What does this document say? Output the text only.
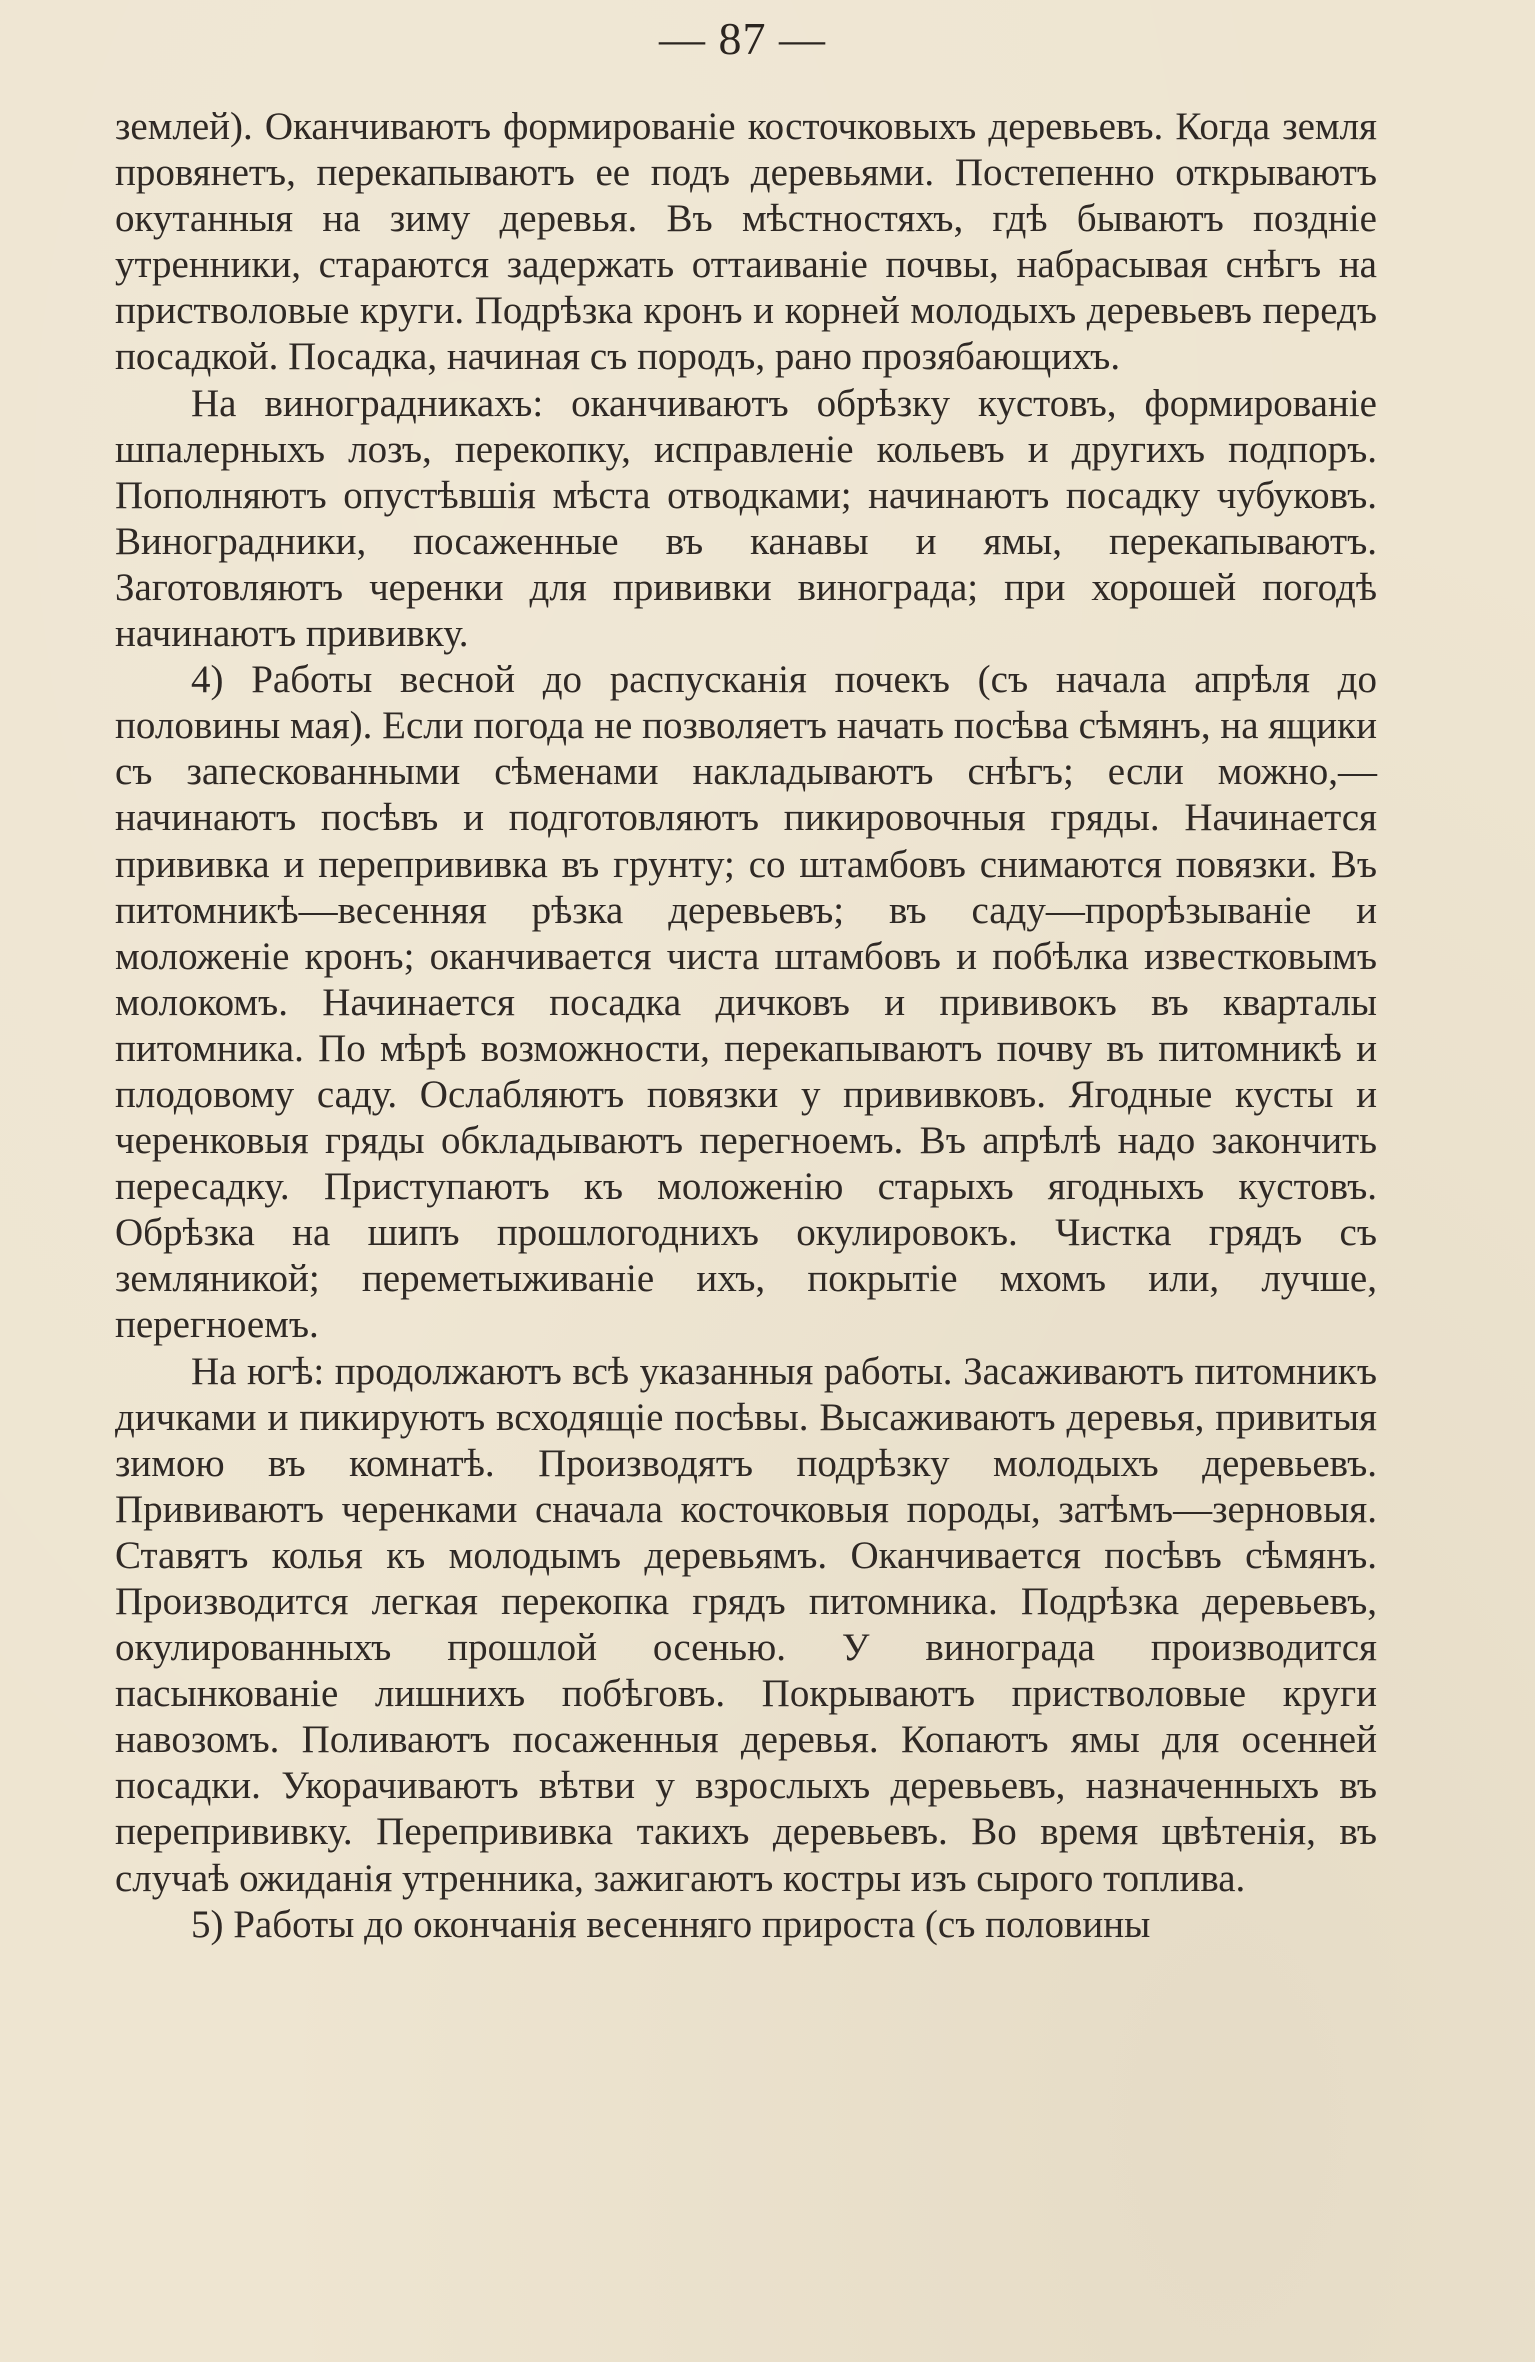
— 87 —

землей). Оканчиваютъ формированіе косточковыхъ деревьевъ. Когда земля провянетъ, перекапываютъ ее подъ деревьями. Постепенно открываютъ окутанныя на зиму деревья. Въ мѣстностяхъ, гдѣ бываютъ поздніе утренники, стараются задержать оттаиваніе почвы, набрасывая снѣгъ на приствoловые круги. Подрѣзка кронъ и корней молодыхъ деревьевъ передъ посадкой. Посадка, начиная съ породъ, рано прозябающихъ.

На виноградникахъ: оканчиваютъ обрѣзку кустовъ, формированіе шпалерныхъ лозъ, перекопку, исправленіе кольевъ и другихъ подпоръ. Пополняютъ опустѣвшія мѣста отводками; начинаютъ посадку чубуковъ. Виноградники, посаженные въ канавы и ямы, перекапываютъ. Заготовляютъ черенки для прививки винограда; при хорошей погодѣ начинаютъ прививку.

4) Работы весной до распусканія почекъ (съ начала апрѣля до половины мая). Если погода не позволяетъ начать посѣва сѣмянъ, на ящики съ запескованными сѣменами накладываютъ снѣгъ; если можно,—начинаютъ посѣвъ и подготовляютъ пикировочныя гряды. Начинается прививка и перепрививка въ грунту; со штамбовъ снимаются повязки. Въ питомникѣ—весенняя рѣзка деревьевъ; въ саду—прорѣзываніе и моложеніе кронъ; оканчивается чиста штамбовъ и побѣлка известковымъ молокомъ. Начинается посадка дичковъ и прививокъ въ кварталы питомника. По мѣрѣ возможности, перекапываютъ почву въ питомникѣ и плодовому саду. Ослабляютъ повязки у прививковъ. Ягодные кусты и черенковыя гряды обкладываютъ перегноемъ. Въ апрѣлѣ надо закончить пересадку. Приступаютъ къ моложенію старыхъ ягодныхъ кустовъ. Обрѣзка на шипъ прошлогоднихъ окулировокъ. Чистка грядъ съ земляникой; переметыживаніе ихъ, покрытіе мхомъ или, лучше, перегноемъ.

На югѣ: продолжаютъ всѣ указанныя работы. Засаживаютъ питомникъ дичками и пикируютъ всходящіе посѣвы. Высаживаютъ деревья, привитыя зимою въ комнатѣ. Производятъ подрѣзку молодыхъ деревьевъ. Прививаютъ черенками сначала косточковыя породы, затѣмъ—зерновыя. Ставятъ колья къ молодымъ деревьямъ. Оканчивается посѣвъ сѣмянъ. Производится легкая перекопка грядъ питомника. Подрѣзка деревьевъ, окулированныхъ прошлой осенью. У винограда производится пасынкованіе лишнихъ побѣговъ. Покрываютъ приствoловые круги навозомъ. Поливаютъ посаженныя деревья. Копаютъ ямы для осенней посадки. Укорачиваютъ вѣтви у взрослыхъ деревьевъ, назначенныхъ въ перепрививку. Перепрививка такихъ деревьевъ. Во время цвѣтенія, въ случаѣ ожиданія утренника, зажигаютъ костры изъ сырого топлива.

5) Работы до окончанія весенняго прироста (съ половины
